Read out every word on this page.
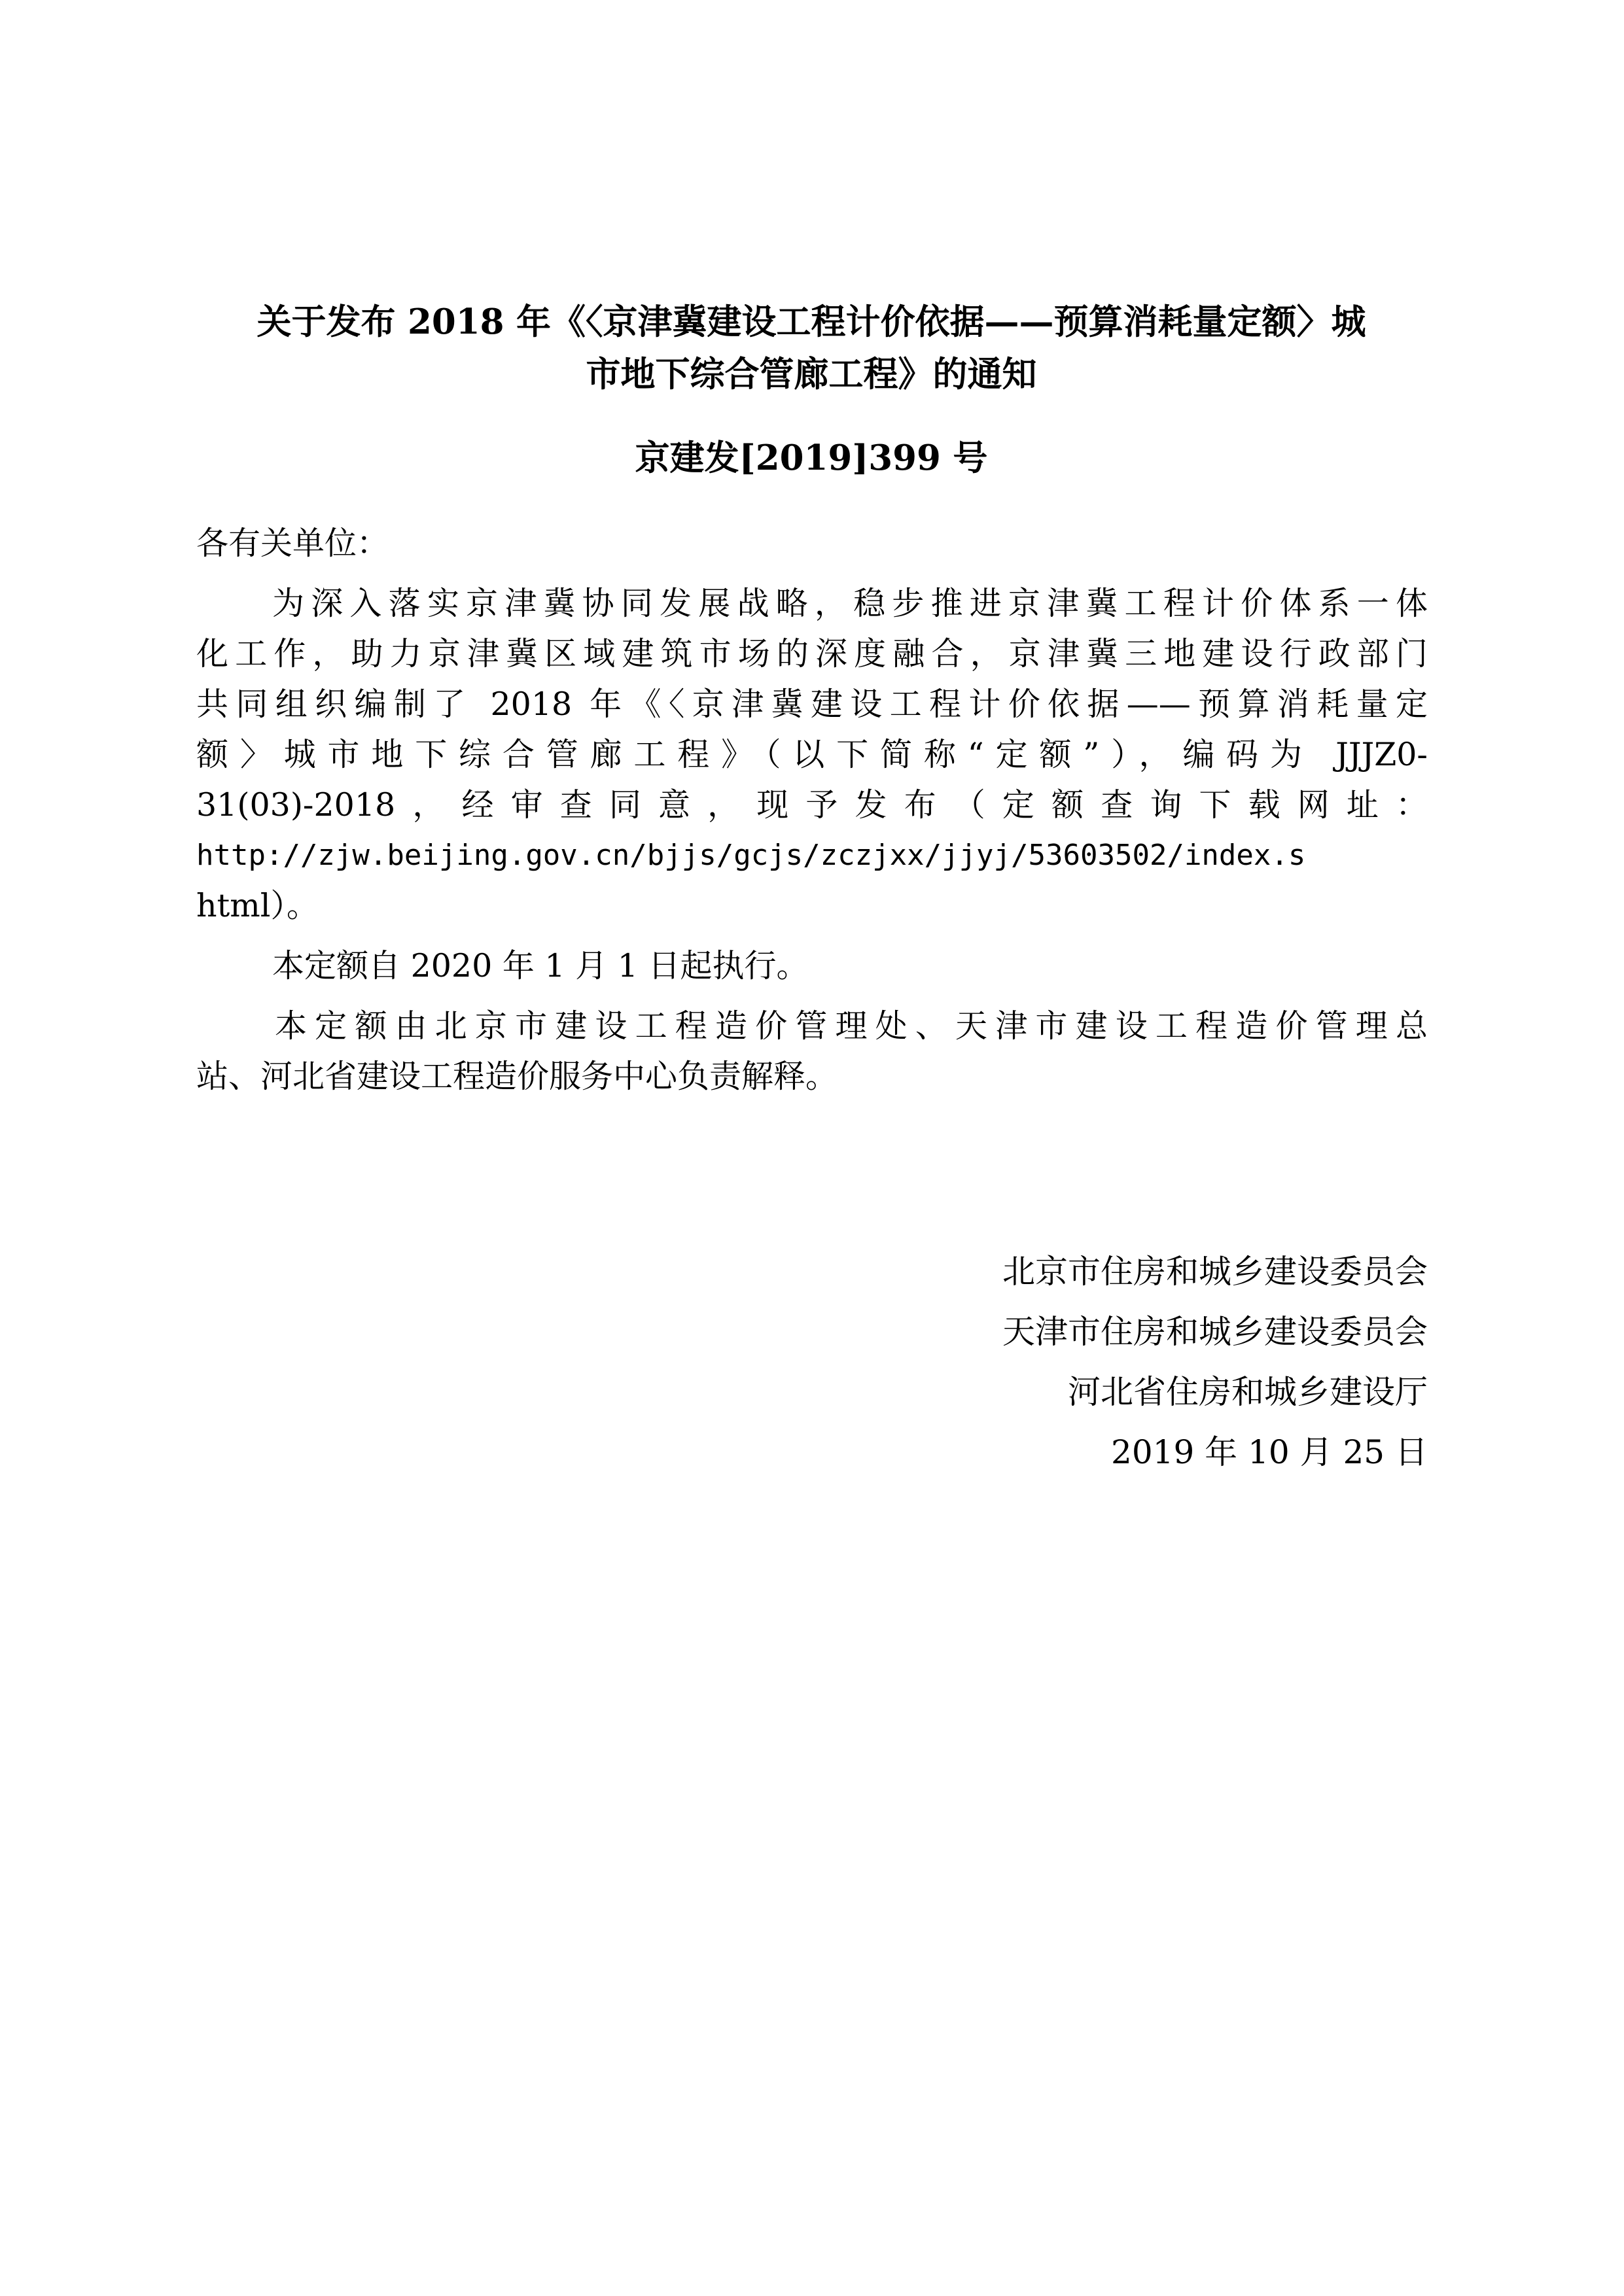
关于发布 2018 年《〈京津冀建设工程计价依据——预算消耗量定额〉城
市地下综合管廊工程》的通知
京建发[2019]399 号
各有关单位：
为深入落实京津冀协同发展战略，稳步推进京津冀工程计价体系一体
化工作，助力京津冀区域建筑市场的深度融合，京津冀三地建设行政部门
共同组织编制了 2018 年《〈京津冀建设工程计价依据——预算消耗量定
额〉城市地下综合管廊工程》（以下简称“定额”），编码为 JJJZ0-
31(03)-2018，经审查同意，现予发布（定额查询下载网址：
http://zjw.beijing.gov.cn/bjjs/gcjs/zczjxx/jjyj/53603502/index.s
html）。
本定额自 2020 年 1 月 1 日起执行。
本定额由北京市建设工程造价管理处、天津市建设工程造价管理总
站、河北省建设工程造价服务中心负责解释。
北京市住房和城乡建设委员会
天津市住房和城乡建设委员会
河北省住房和城乡建设厅
2019 年 10 月 25 日
